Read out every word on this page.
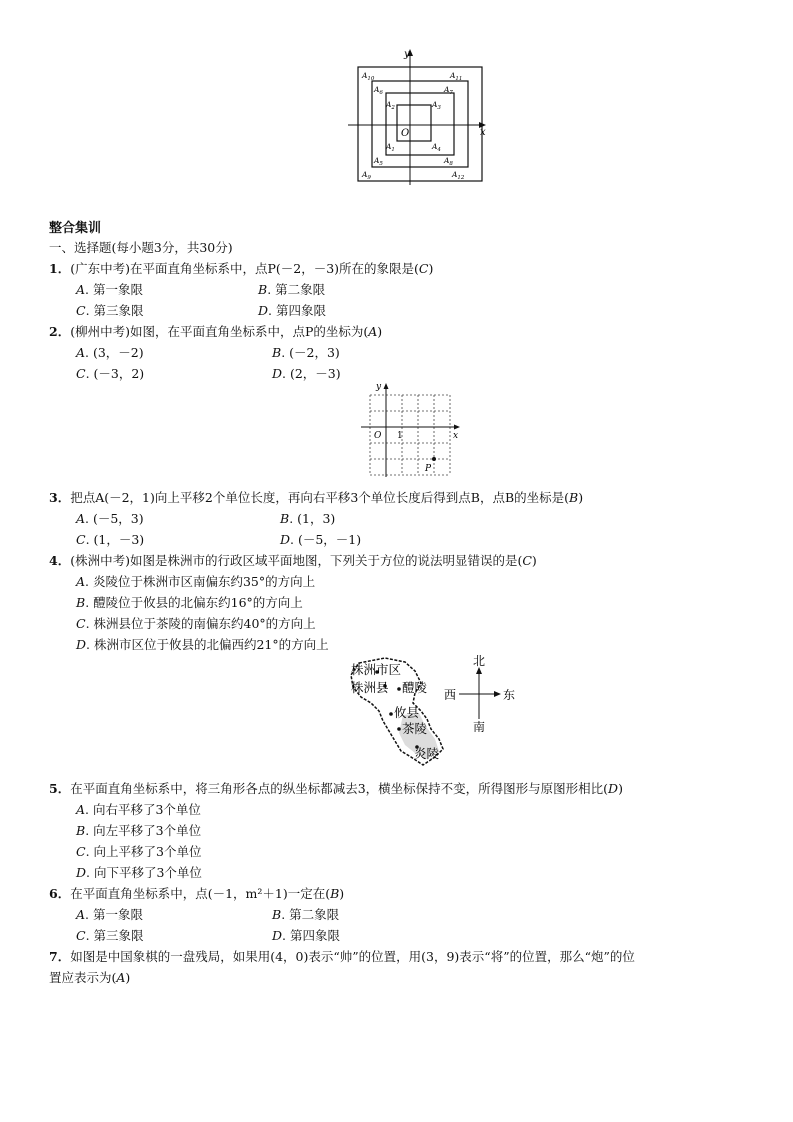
x
y
O
$A_{10}$	$A_{11}$
$A_6$	$A_7$
$A_2$	$A_3$
$A_1$	$A_4$
$A_5$	$A_8$
$A_9$	$A_{12}$
整合集训
一、选择题(每小题3分，共30分)
1．(广东中考)在平面直角坐标系中，点P(－2，－3)所在的象限是(C)
A. 第一象限	B. 第二象限
C. 第三象限	D. 第四象限
2．(柳州中考)如图，在平面直角坐标系中，点P的坐标为(A)
A. (3，－2)	B. (－2，3)
C. (－3，2)	D. (2，－3)
x
y
O 1
P
3．把点A(－2，1)向上平移2个单位长度，再向右平移3个单位长度后得到点B，点B的坐标是(B)
A. (－5，3)	B. (1，3)
C. (1，－3)	D. (－5，－1)
4．(株洲中考)如图是株洲市的行政区域平面地图，下列关于方位的说法明显错误的是(C)
A. 炎陵位于株洲市区南偏东约35°的方向上
B. 醴陵位于攸县的北偏东约16°的方向上
C. 株洲县位于茶陵的南偏东约40°的方向上
D. 株洲市区位于攸县的北偏西约21°的方向上
株洲市区
株洲县 醴陵
攸县
茶陵
炎陵
北
南
西	东
5．在平面直角坐标系中，将三角形各点的纵坐标都减去3，横坐标保持不变，所得图形与原图形相比(D)
A. 向右平移了3个单位
B. 向左平移了3个单位
C. 向上平移了3个单位
D. 向下平移了3个单位
6．在平面直角坐标系中，点(－1，m²＋1)一定在(B)
A. 第一象限	B. 第二象限
C. 第三象限	D. 第四象限
7．如图是中国象棋的一盘残局，如果用(4，0)表示“帅”的位置，用(3，9)表示“将”的位置，那么“炮”的位
置应表示为(A)
